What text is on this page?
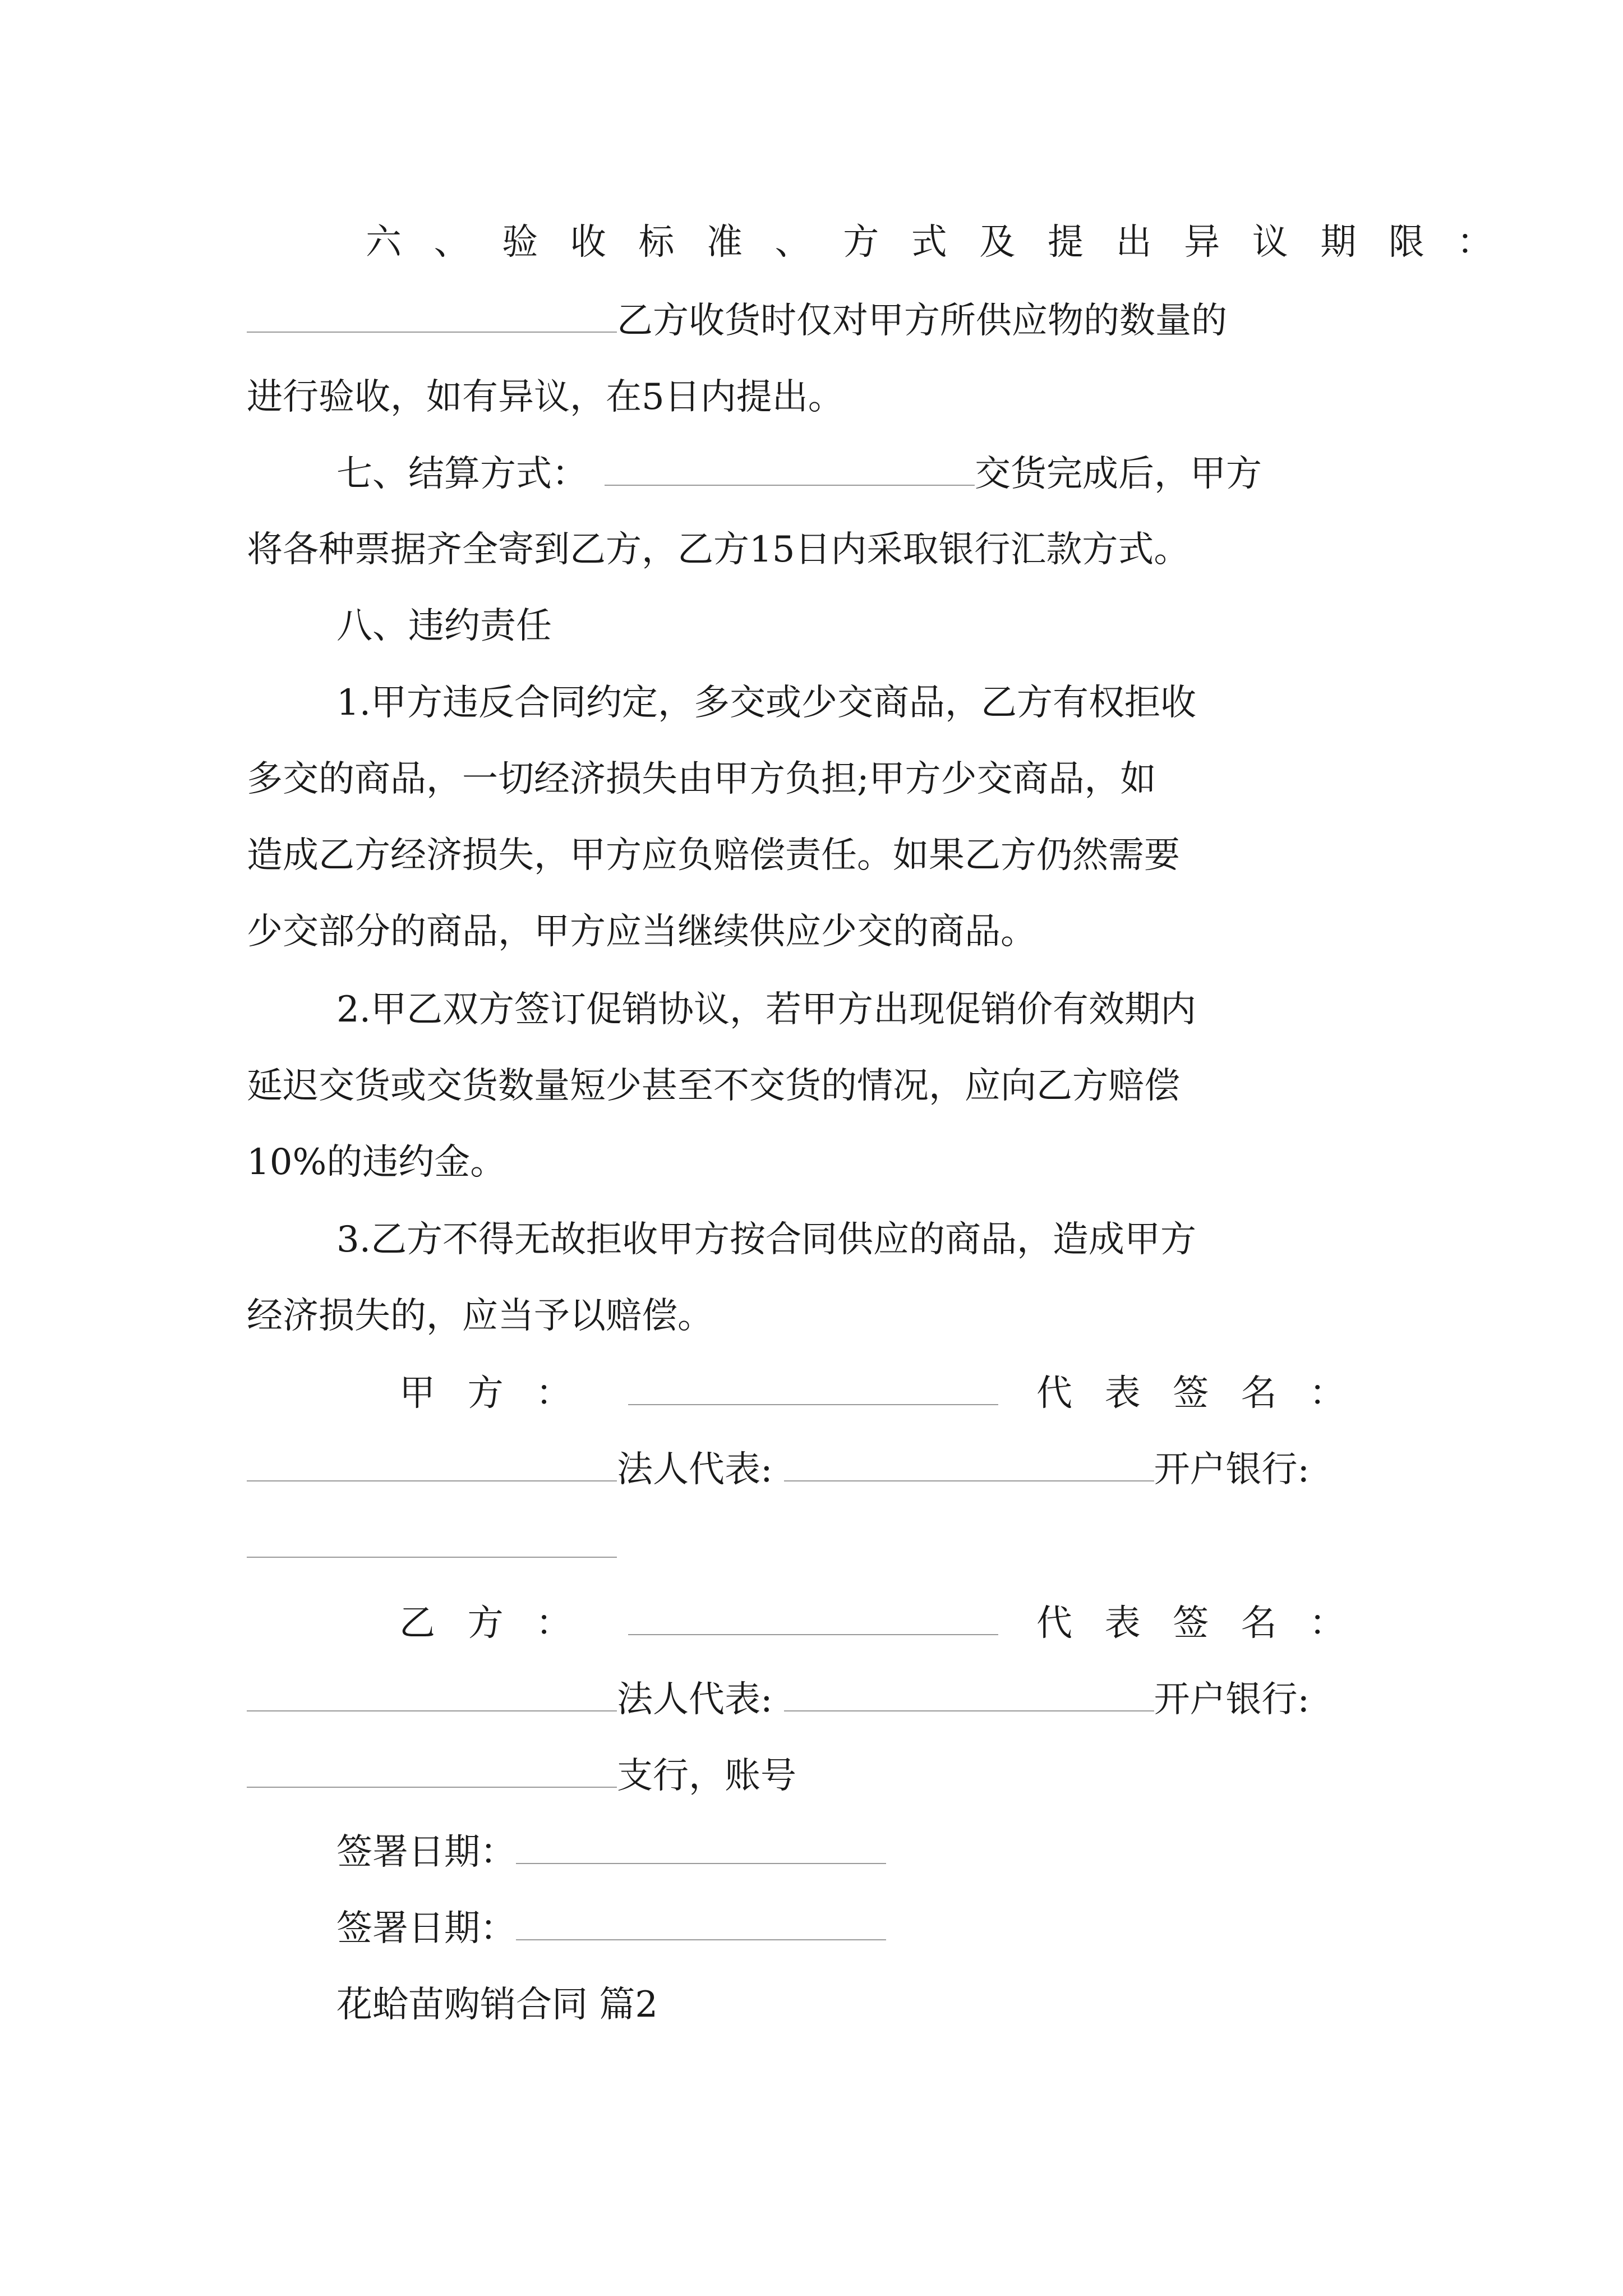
六、验收标准、方式及提出异议期限：
乙方收货时仅对甲方所供应物的数量的
进行验收，如有异议，在5日内提出。
七、结算方式：	交货完成后，甲方
将各种票据齐全寄到乙方，乙方15日内采取银行汇款方式。
八、违约责任
1.甲方违反合同约定，多交或少交商品，乙方有权拒收
多交的商品，一切经济损失由甲方负担;甲方少交商品，如
造成乙方经济损失，甲方应负赔偿责任。如果乙方仍然需要
少交部分的商品，甲方应当继续供应少交的商品。
2.甲乙双方签订促销协议，若甲方出现促销价有效期内
延迟交货或交货数量短少甚至不交货的情况，应向乙方赔偿
10%的违约金。
3.乙方不得无故拒收甲方按合同供应的商品，造成甲方
经济损失的，应当予以赔偿。
甲方：	代表签名：
法人代表:	开户银行:
乙方：	代表签名：
法人代表:	开户银行:
支行，账号
签署日期：
签署日期：
花蛤苗购销合同 篇2
